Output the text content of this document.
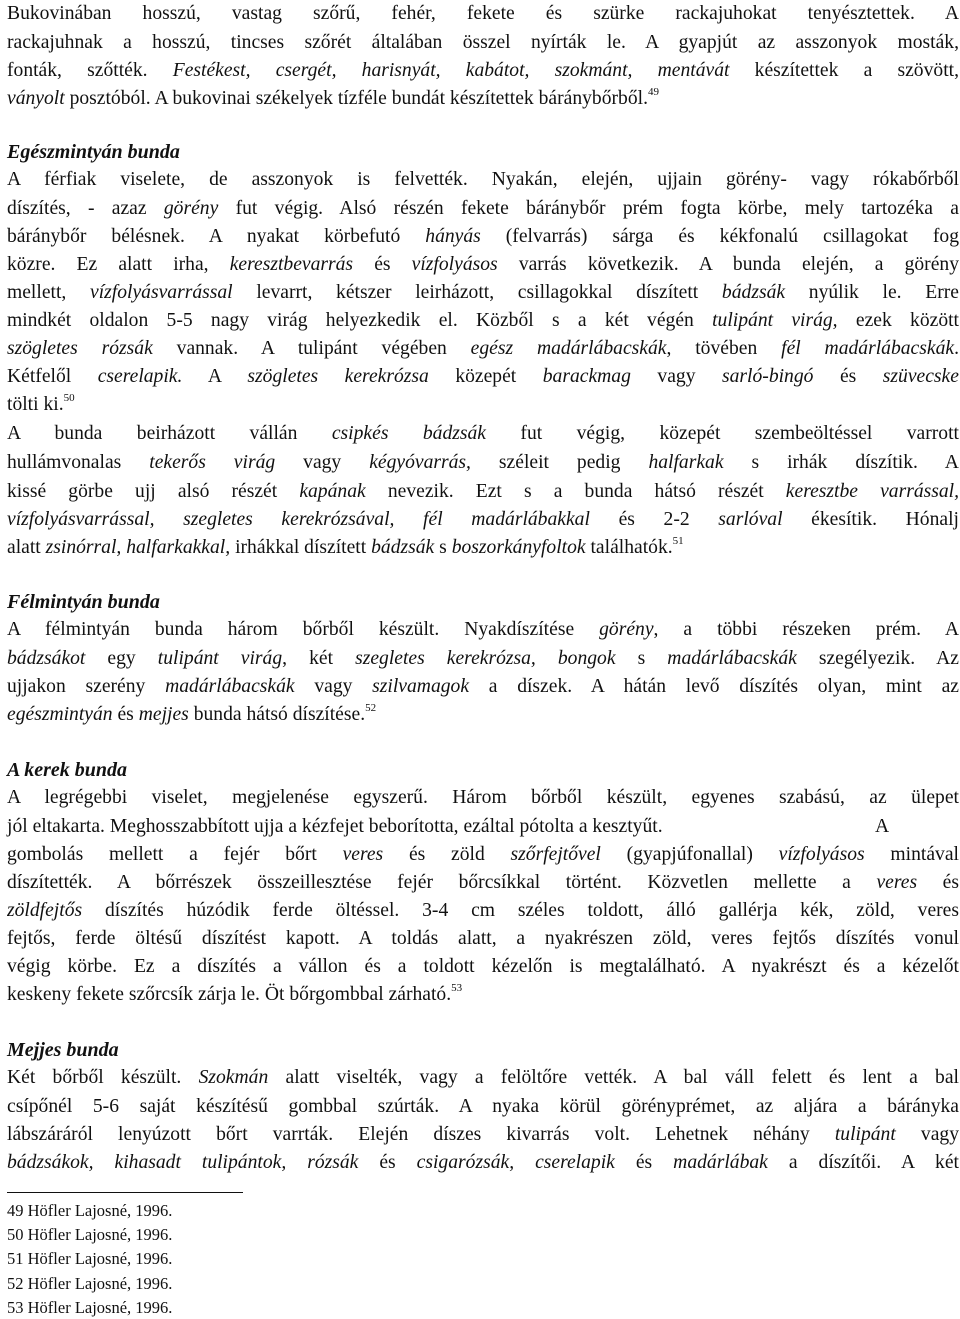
Bukovinában hosszú, vastag szőrű, fehér, fekete és szürke rackajuhokat tenyésztettek. A
rackajuhnak a hosszú, tincses szőrét általában összel nyírták le. A gyapjút az asszonyok mosták,
fonták, szőtték. Festékest, csergét, harisnyát, kabátot, szokmánt, mentávát készítettek a szövött,
ványolt posztóból. A bukovinai székelyek tízféle bundát készítettek báránybőrből.$^{49}$
Egészmintyán bunda
A férfiak viselete, de asszonyok is felvették. Nyakán, elején, ujjain görény- vagy rókabőrből
díszítés, - azaz görény fut végig. Alsó részén fekete báránybőr prém fogta körbe, mely tartozéka a
báránybőr bélésnek. A nyakat körbefutó hányás (felvarrás) sárga és kékfonalú csillagokat fog
közre. Ez alatt irha, keresztbevarrás és vízfolyásos varrás következik. A bunda elején, a görény
mellett, vízfolyásvarrással levarrt, kétszer leirházott, csillagokkal díszített bádzsák nyúlik le. Erre
mindkét oldalon 5-5 nagy virág helyezkedik el. Közből s a két végén tulipánt virág, ezek között
szögletes rózsák vannak. A tulipánt végében egész madárlábacskák, tövében fél madárlábacskák.
Kétfelől cserelapik. A szögletes kerekrózsa közepét barackmag vagy sarló-bingó és szüvecske
tölti ki.$^{50}$
A bunda beirházott vállán csipkés bádzsák fut végig, közepét szembeöltéssel varrott
hullámvonalas tekerős virág vagy kégyóvarrás, széleit pedig halfarkak s irhák díszítik. A
kissé görbe ujj alsó részét kapának nevezik. Ezt s a bunda hátsó részét keresztbe varrással,
vízfolyásvarrással, szegletes kerekrózsával, fél madárlábakkal és 2-2 sarlóval ékesítik. Hónalj
alatt zsinórral, halfarkakkal, irhákkal díszített bádzsák s boszorkányfoltok találhatók.$^{51}$
Félmintyán bunda
A félmintyán bunda három bőrből készült. Nyakdíszítése görény, a többi részeken prém. A
bádzsákot egy tulipánt virág, két szegletes kerekrózsa, bongok s madárlábacskák szegélyezik. Az
ujjakon szerény madárlábacskák vagy szilvamagok a díszek. A hátán levő díszítés olyan, mint az
egészmintyán és mejjes bunda hátsó díszítése.$^{52}$
A kerek bunda
A legrégebbi viselet, megjelenése egyszerű. Három bőrből készült, egyenes szabású, az ülepet
jól eltakarta. Meghosszabbított ujja a kézfejet beborította, ezáltal pótolta a kesztyűt.	A
gombolás mellett a fejér bőrt veres és zöld szőrfejtővel (gyapjúfonallal) vízfolyásos mintával
díszítették. A bőrrészek összeillesztése fejér bőrcsíkkal történt. Közvetlen mellette a veres és
zöldfejtős díszítés húzódik ferde öltéssel. 3-4 cm széles toldott, álló gallérja kék, zöld, veres
fejtős, ferde öltésű díszítést kapott. A toldás alatt, a nyakrészen zöld, veres fejtős díszítés vonul
végig körbe. Ez a díszítés a vállon és a toldott kézelőn is megtalálható. A nyakrészt és a kézelőt
keskeny fekete szőrcsík zárja le. Öt bőrgombbal zárható.$^{53}$
Mejjes bunda
Két bőrből készült. Szokmán alatt viselték, vagy a felöltőre vették. A bal váll felett és lent a bal
csípőnél 5-6 saját készítésű gombbal szúrták. A nyaka körül görényprémet, az aljára a bárányka
lábszáráról lenyúzott bőrt varrták. Elején díszes kivarrás volt. Lehetnek néhány tulipánt vagy
bádzsákok, kihasadt tulipántok, rózsák és csigarózsák, cserelapik és madárlábak a díszítői. A két
49 Höfler Lajosné, 1996.
50 Höfler Lajosné, 1996.
51 Höfler Lajosné, 1996.
52 Höfler Lajosné, 1996.
53 Höfler Lajosné, 1996.
